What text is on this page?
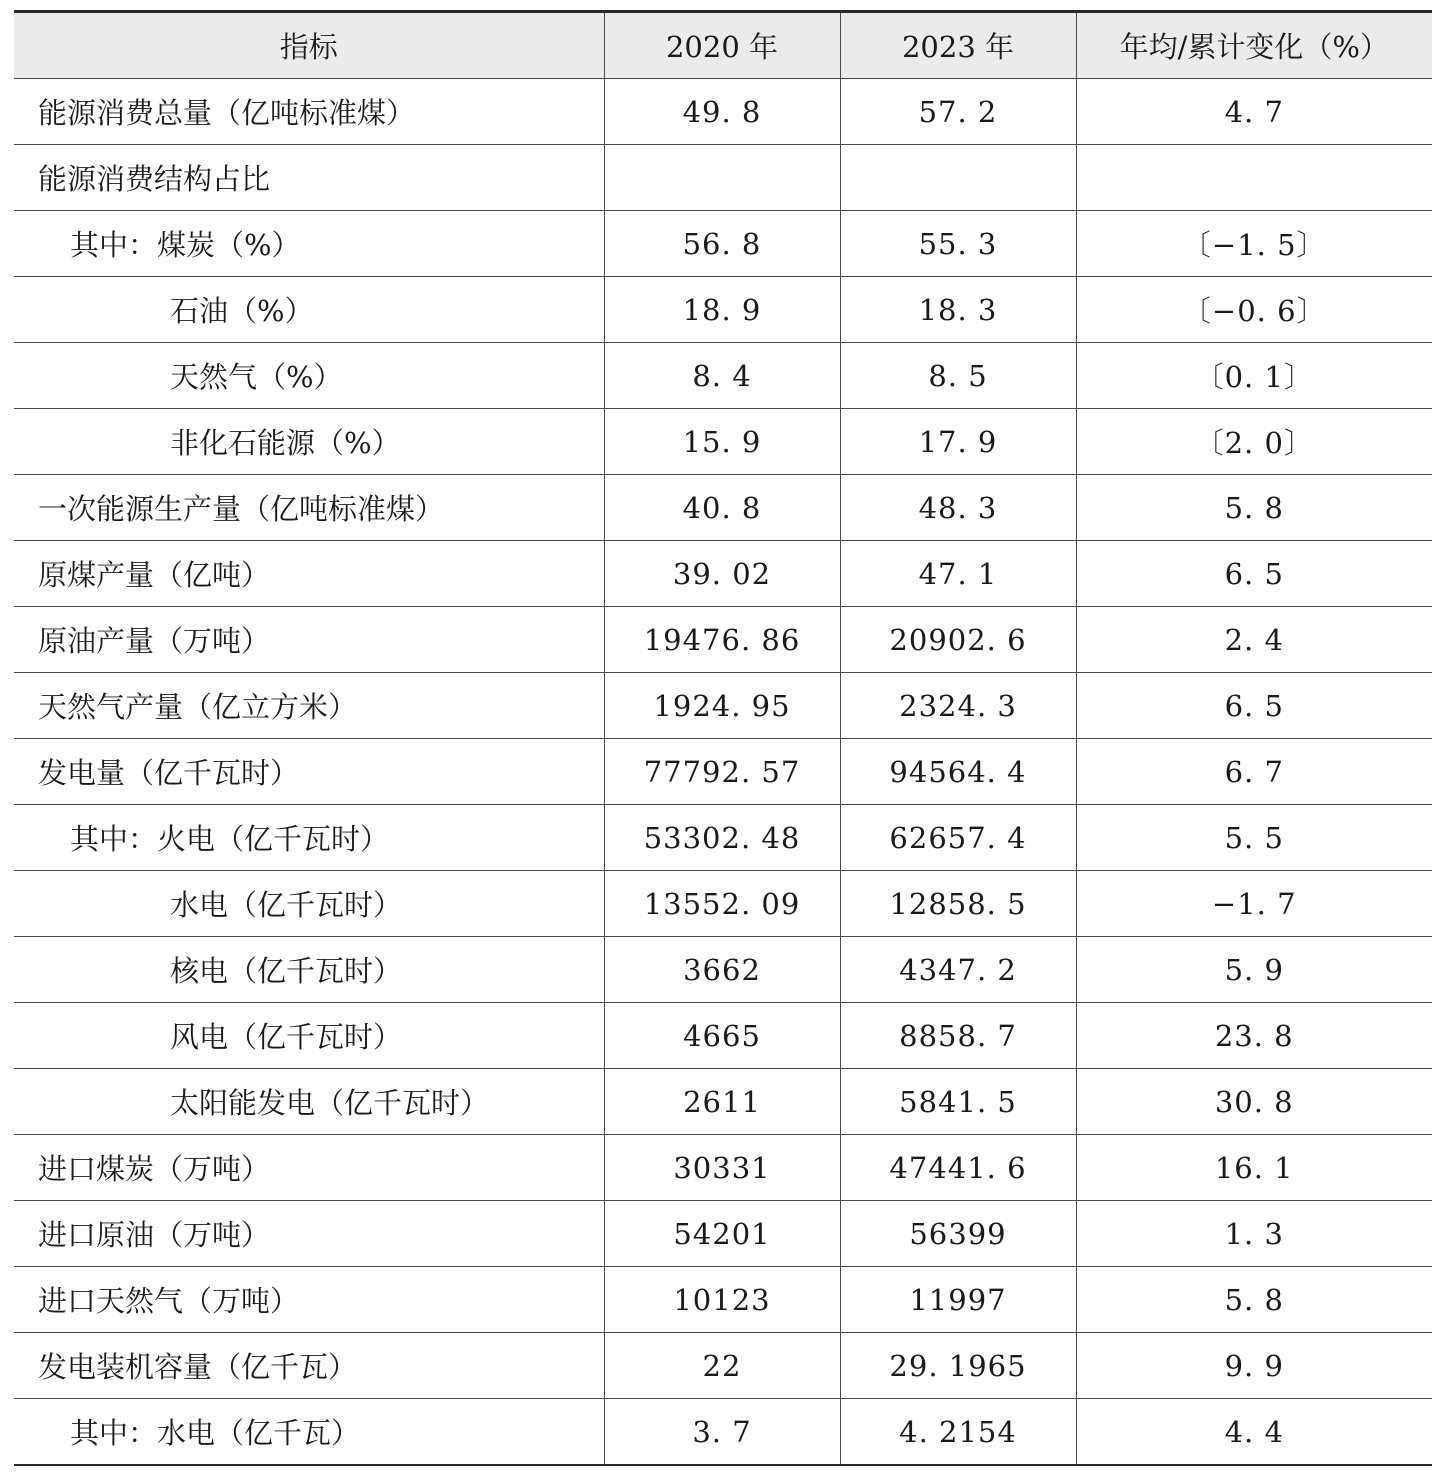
指标	2020 年	2023 年	年均/累计变化（%）
能源消费总量（亿吨标准煤）	49. 8	57. 2	4. 7
能源消费结构占比			
其中：煤炭（%）	56. 8	55. 3	〔−1. 5〕
石油（%）	18. 9	18. 3	〔−0. 6〕
天然气（%）	8. 4	8. 5	〔0. 1〕
非化石能源（%）	15. 9	17. 9	〔2. 0〕
一次能源生产量（亿吨标准煤）	40. 8	48. 3	5. 8
原煤产量（亿吨）	39. 02	47. 1	6. 5
原油产量（万吨）	19476. 86	20902. 6	2. 4
天然气产量（亿立方米）	1924. 95	2324. 3	6. 5
发电量（亿千瓦时）	77792. 57	94564. 4	6. 7
其中：火电（亿千瓦时）	53302. 48	62657. 4	5. 5
水电（亿千瓦时）	13552. 09	12858. 5	−1. 7
核电（亿千瓦时）	3662	4347. 2	5. 9
风电（亿千瓦时）	4665	8858. 7	23. 8
太阳能发电（亿千瓦时）	2611	5841. 5	30. 8
进口煤炭（万吨）	30331	47441. 6	16. 1
进口原油（万吨）	54201	56399	1. 3
进口天然气（万吨）	10123	11997	5. 8
发电装机容量（亿千瓦）	22	29. 1965	9. 9
其中：水电（亿千瓦）	3. 7	4. 2154	4. 4
